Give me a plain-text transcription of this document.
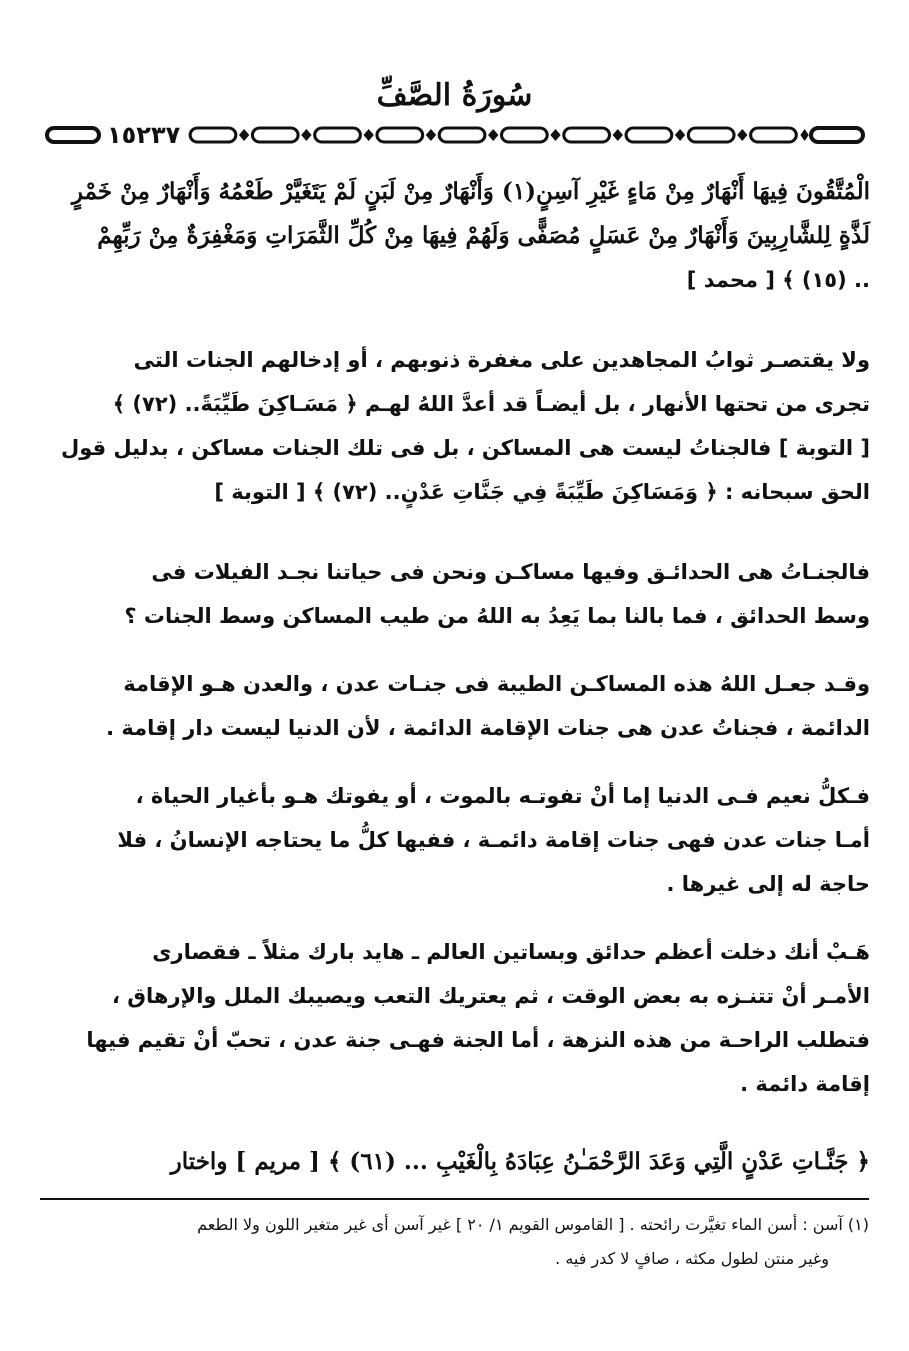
سُورَةُ الصَّفِّ
١٥٢٣٧
الْمُتَّقُونَ فِيهَا أَنْهَارٌ مِنْ مَاءٍ غَيْرِ آسِنٍ(١) وَأَنْهَارٌ مِنْ لَبَنٍ لَمْ يَتَغَيَّرْ طَعْمُهُ وَأَنْهَارٌ مِنْ خَمْرٍ
لَذَّةٍ لِلشَّارِبِينَ وَأَنْهَارٌ مِنْ عَسَلٍ مُصَفًّى وَلَهُمْ فِيهَا مِنْ كُلِّ الثَّمَرَاتِ وَمَغْفِرَةٌ مِنْ رَبِّهِمْ
.. (١٥) ﴾ [ محمد ]
ولا يقتصـر ثوابُ المجاهدين على مغفرة ذنوبهم ، أو إدخالهم الجنات التى
تجرى من تحتها الأنهار ، بل أيضـاً قد أعدَّ اللهُ لهـم ﴿ مَسَـاكِنَ طَيِّبَةً.. (٧٢) ﴾
[ التوبة ] فالجناتُ ليست هى المساكن ، بل فى تلك الجنات مساكن ، بدليل قول
الحق سبحانه : ﴿ وَمَسَاكِنَ طَيِّبَةً فِي جَنَّاتِ عَدْنٍ.. (٧٢) ﴾ [ التوبة ]
فالجنـاتُ هى الحدائـق وفيها مساكـن ونحن فى حياتنا نجـد الفيلات فى
وسط الحدائق ، فما بالنا بما يَعِدُ به اللهُ من طيب المساكن وسط الجنات ؟
وقـد جعـل اللهُ هذه المساكـن الطيبة فى جنـات عدن ، والعدن هـو الإقامة
الدائمة ، فجناتُ عدن هى جنات الإقامة الدائمة ، لأن الدنيا ليست دار إقامة .
فـكلُّ نعيم فـى الدنيا إما أنْ تفوتـه بالموت ، أو يفوتك هـو بأغيار الحياة ،
أمـا جنات عدن فهى جنات إقامة دائمـة ، ففيها كلُّ ما يحتاجه الإنسانُ ، فلا
حاجة له إلى غيرها .
هَـبْ أنك دخلت أعظم حدائق وبساتين العالم ـ هايد بارك مثلاً ـ فقصارى
الأمـر أنْ تتنـزه به بعض الوقت ، ثم يعتريك التعب ويصيبك الملل والإرهاق ،
فتطلب الراحـة من هذه النزهة ، أما الجنة فهـى جنة عدن ، تحبّ أنْ تقيم فيها
إقامة دائمة .
﴿ جَنَّـاتِ عَدْنٍ الَّتِي وَعَدَ الرَّحْمَـٰنُ عِبَادَهُ بِالْغَيْبِ ... (٦١) ﴾ [ مريم ] واختار
(١) آسن : أسن الماء تغيَّرت رائحته . [ القاموس القويم ١/ ٢٠ ] غير آسن أى غير متغير اللون ولا الطعم
وغير منتن لطول مكثه ، صافٍ لا كدر فيه .
